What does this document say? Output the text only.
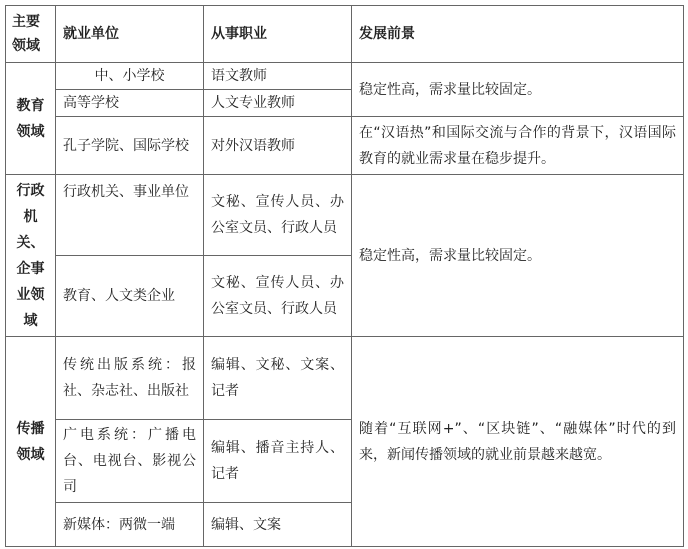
主要领域	就业单位	从事职业	发展前景
教育领域	中、小学校	语文教师	稳定性高，需求量比较固定。
	高等学校	人文专业教师	
	孔子学院、国际学校	对外汉语教师	在“汉语热”和国际交流与合作的背景下，汉语国际教育的就业需求量在稳步提升。
行政机关、企事业领域	行政机关、事业单位	文秘、宣传人员、办公室文员、行政人员	稳定性高，需求量比较固定。
	教育、人文类企业	文秘、宣传人员、办公室文员、行政人员	
传播领域	传统出版系统：报社、杂志社、出版社	编辑、文秘、文案、记者	随着“互联网+”、“区块链”、“融媒体”时代的到来，新闻传播领域的就业前景越来越宽。
	广电系统：广播电台、电视台、影视公司	编辑、播音主持人、记者	
	新媒体：两微一端	编辑、文案	
